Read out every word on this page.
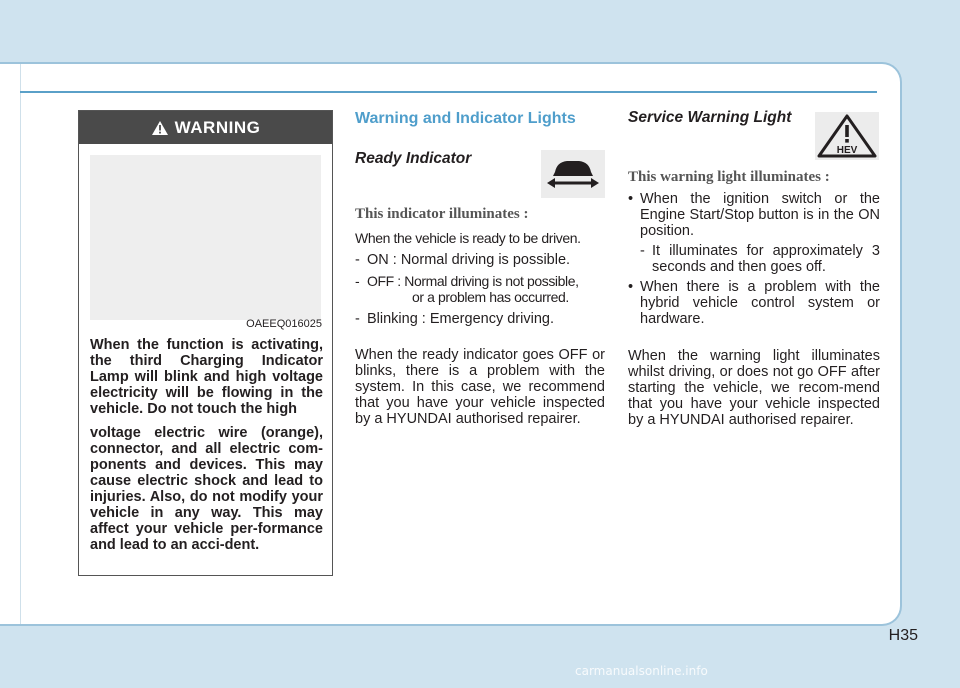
WARNING
OAEEQ016025

When the function is activating, the third Charging Indicator Lamp will blink and high voltage electricity will be flowing in the vehicle. Do not touch the high

voltage electric wire (orange), connector, and all electric com-ponents and devices. This may cause electric shock and lead to injuries. Also, do not modify your vehicle in any way. This may affect your vehicle per-formance and lead to an acci-dent.

Warning and Indicator Lights
Ready Indicator

This indicator illuminates :

When the vehicle is ready to be driven.

- ON : Normal driving is possible.
- OFF : Normal driving is not possible,
or a problem has occurred.
- Blinking : Emergency driving.

When the ready indicator goes OFF or blinks, there is a problem with the system. In this case, we recommend that you have your vehicle inspected by a HYUNDAI authorised repairer.

Service Warning Light

This warning light illuminates :

• When the ignition switch or the Engine Start/Stop button is in the ON position.
- It illuminates for approximately 3 seconds and then goes off.
• When there is a problem with the hybrid vehicle control system or hardware.

When the warning light illuminates whilst driving, or does not go OFF after starting the vehicle, we recom-mend that you have your vehicle inspected by a HYUNDAI authorised repairer.

HEV
H35
carmanualsonline.info
